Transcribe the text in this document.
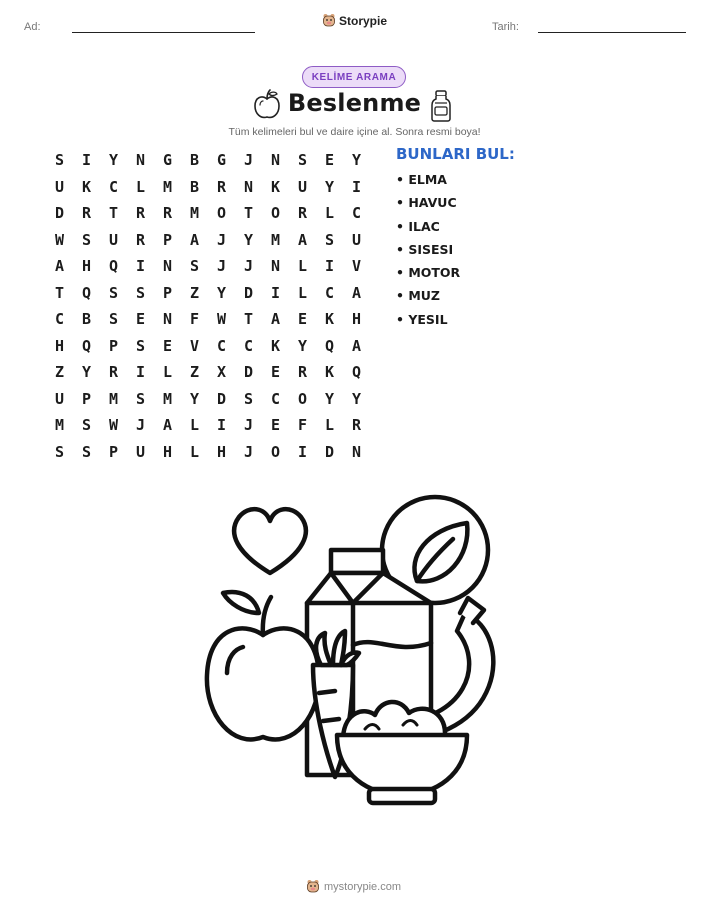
Ad:	Storypie	Tarih:
KELİME ARAMA
Beslenme
Tüm kelimeleri bul ve daire içine al. Sonra resmi boya!
S	I	Y	N	G	B	G	J	N	S	E	Y
U	K	C	L	M	B	R	N	K	U	Y	I
D	R	T	R	R	M	O	T	O	R	L	C
W	S	U	R	P	A	J	Y	M	A	S	U
A	H	Q	I	N	S	J	J	N	L	I	V
T	Q	S	S	P	Z	Y	D	I	L	C	A
C	B	S	E	N	F	W	T	A	E	K	H
H	Q	P	S	E	V	C	C	K	Y	Q	A
Z	Y	R	I	L	Z	X	D	E	R	K	Q
U	P	M	S	M	Y	D	S	C	O	Y	Y
M	S	W	J	A	L	I	J	E	F	L	R
S	S	P	U	H	L	H	J	O	I	D	N
BUNLARI BUL:
• ELMA
• HAVUC
• ILAC
• SISESI
• MOTOR
• MUZ
• YESIL
mystorypie.com
